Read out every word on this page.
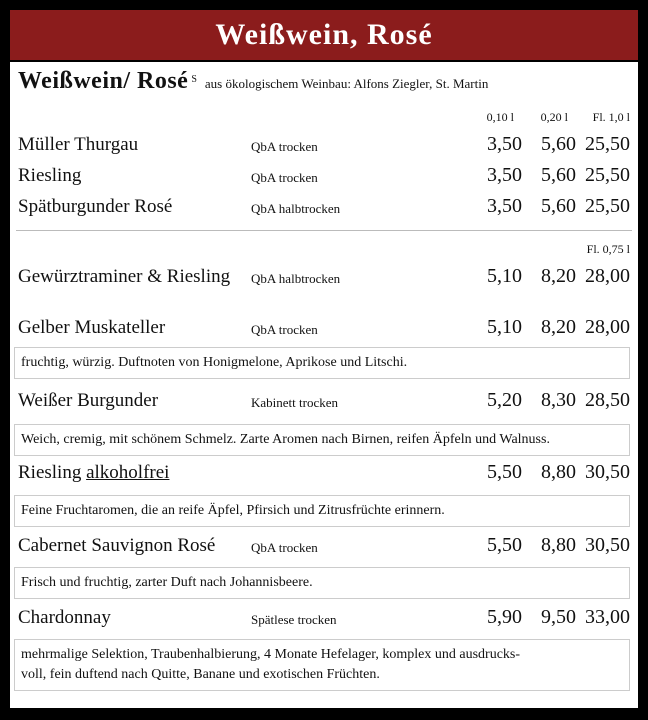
Weißwein, Rosé
Weißwein/ Rosé $^S$ aus ökologischem Weinbau: Alfons Ziegler, St. Martin
0,10 l	0,20 l	Fl. 1,0 l
Müller Thurgau	QbA trocken	3,50 5,60 25,50
Riesling	QbA trocken	3,50 5,60 25,50
Spätburgunder Rosé	QbA halbtrocken	3,50 5,60 25,50
Fl. 0,75 l
Gewürztraminer & Riesling QbA halbtrocken	5,10 8,20 28,00
Gelber Muskateller	QbA trocken	5,10 8,20 28,00
fruchtig, würzig. Duftnoten von Honigmelone, Aprikose und Litschi.
Weißer Burgunder	Kabinett trocken	5,20 8,30 28,50
Weich, cremig, mit schönem Schmelz. Zarte Aromen nach Birnen, reifen Äpfeln und Walnuss.
Riesling alkoholfrei	5,50 8,80 30,50
Feine Fruchtaromen, die an reife Äpfel, Pfirsich und Zitrusfrüchte erinnern.
Cabernet Sauvignon Rosé	QbA trocken	5,50 8,80 30,50
Frisch und fruchtig, zarter Duft nach Johannisbeere.
Chardonnay	Spätlese trocken	5,90 9,50 33,00
mehrmalige Selektion, Traubenhalbierung, 4 Monate Hefelager, komplex und ausdrucks-
voll, fein duftend nach Quitte, Banane und exotischen Früchten.
